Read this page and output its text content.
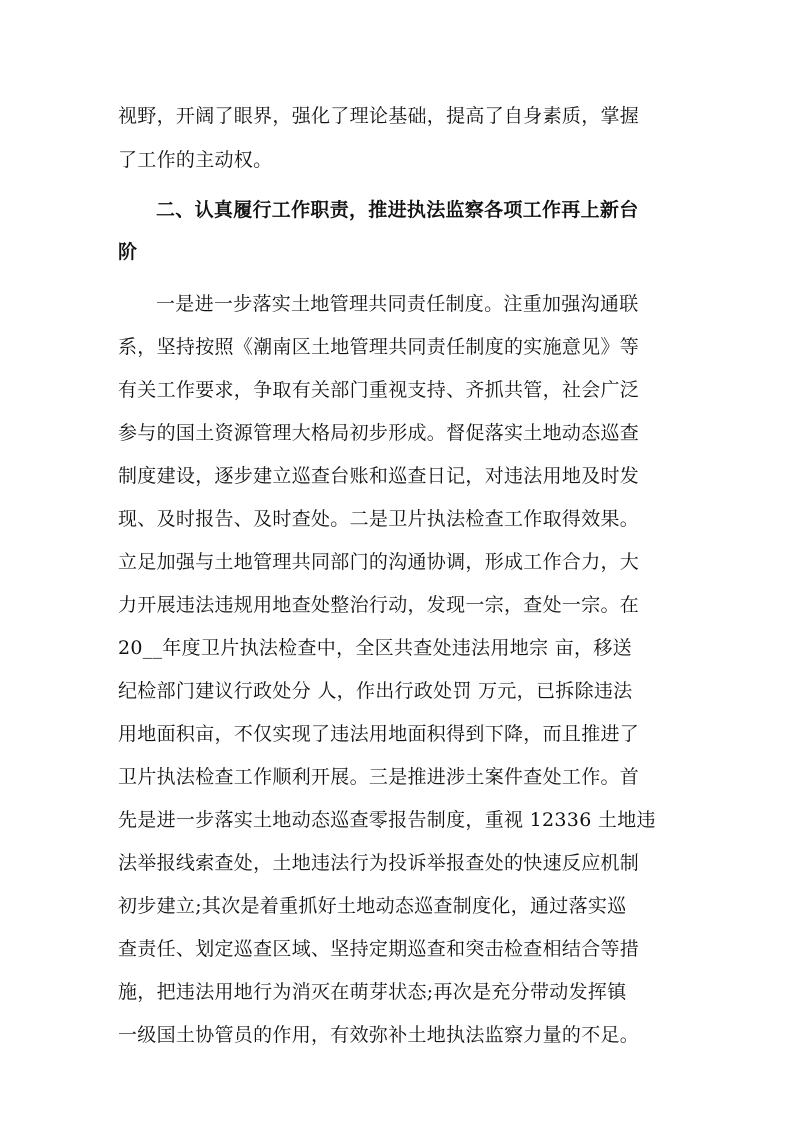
视野，开阔了眼界，强化了理论基础，提高了自身素质，掌握
了工作的主动权。
二、认真履行工作职责，推进执法监察各项工作再上新台
阶
一是进一步落实土地管理共同责任制度。注重加强沟通联
系，坚持按照《潮南区土地管理共同责任制度的实施意见》等
有关工作要求，争取有关部门重视支持、齐抓共管，社会广泛
参与的国土资源管理大格局初步形成。督促落实土地动态巡查
制度建设，逐步建立巡查台账和巡查日记，对违法用地及时发
现、及时报告、及时查处。二是卫片执法检查工作取得效果。
立足加强与土地管理共同部门的沟通协调，形成工作合力，大
力开展违法违规用地查处整治行动，发现一宗，查处一宗。在
20__年度卫片执法检查中，全区共查处违法用地宗 亩，移送
纪检部门建议行政处分 人，作出行政处罚 万元，已拆除违法
用地面积亩，不仅实现了违法用地面积得到下降，而且推进了
卫片执法检查工作顺利开展。三是推进涉土案件查处工作。首
先是进一步落实土地动态巡查零报告制度，重视 12336 土地违
法举报线索查处，土地违法行为投诉举报查处的快速反应机制
初步建立;其次是着重抓好土地动态巡查制度化，通过落实巡
查责任、划定巡查区域、坚持定期巡查和突击检查相结合等措
施，把违法用地行为消灭在萌芽状态;再次是充分带动发挥镇
一级国土协管员的作用，有效弥补土地执法监察力量的不足。
